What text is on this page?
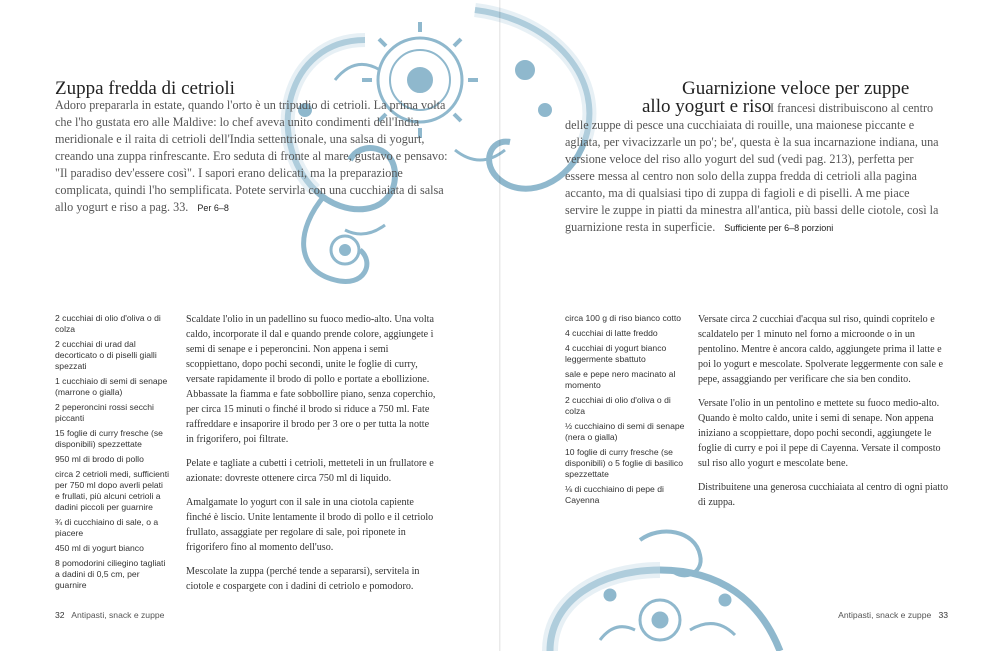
Zuppa fredda di cetrioli

Adoro prepararla in estate, quando l'orto è un tripudio di cetrioli. La prima volta che l'ho gustata ero alle Maldive: lo chef aveva unito condimenti dell'India meridionale e il raita di cetrioli dell'India settentrionale, una salsa di yogurt, creando una zuppa rinfrescante. Ero seduta di fronte al mare, gustavo e pensavo: "Il paradiso dev'essere così". I sapori erano delicati, ma la preparazione complicata, quindi l'ho semplificata. Potete servirla con una cucchiaiata di salsa allo yogurt e riso a pag. 33. Per 6–8

2 cucchiai di olio d'oliva o di colza
2 cucchiai di urad dal decorticato o di piselli gialli spezzati
1 cucchiaio di semi di senape (marrone o gialla)
2 peperoncini rossi secchi piccanti
15 foglie di curry fresche (se disponibili) spezzettate
950 ml di brodo di pollo
circa 2 cetrioli medi, sufficienti per 750 ml dopo averli pelati e frullati, più alcuni cetrioli a dadini piccoli per guarnire
¾ di cucchiaino di sale, o a piacere
450 ml di yogurt bianco
8 pomodorini ciliegino tagliati a dadini di 0,5 cm, per guarnire

Scaldate l'olio in un padellino su fuoco medio-alto. Una volta caldo, incorporate il dal e quando prende colore, aggiungete i semi di senape e i peperoncini. Non appena i semi scoppiettano, dopo pochi secondi, unite le foglie di curry, versate rapidamente il brodo di pollo e portate a ebollizione. Abbassate la fiamma e fate sobbollire piano, senza coperchio, per circa 15 minuti o finché il brodo si riduce a 750 ml. Fate raffreddare e insaporire il brodo per 3 ore o per tutta la notte in frigorifero, poi filtrate.

Pelate e tagliate a cubetti i cetrioli, metteteli in un frullatore e azionate: dovreste ottenere circa 750 ml di liquido.

Amalgamate lo yogurt con il sale in una ciotola capiente finché è liscio. Unite lentamente il brodo di pollo e il cetriolo frullato, assaggiate per regolare di sale, poi riponete in frigorifero fino al momento dell'uso.

Mescolate la zuppa (perché tende a separarsi), servitela in ciotole e cospargete con i dadini di cetriolo e pomodoro.

32 Antipasti, snack e zuppe
Guarnizione veloce per zuppe
allo yogurt e riso

I francesi distribuiscono al centro delle zuppe di pesce una cucchiaiata di rouille, una maionese piccante e agliata, per vivacizzarle un po'; be', questa è la sua incarnazione indiana, una versione veloce del riso allo yogurt del sud (vedi pag. 213), perfetta per essere messa al centro non solo della zuppa fredda di cetrioli alla pagina accanto, ma di qualsiasi tipo di zuppa di fagioli e di piselli. A me piace servire le zuppe in piatti da minestra all'antica, più bassi delle ciotole, così la guarnizione resta in superficie. Sufficiente per 6–8 porzioni

circa 100 g di riso bianco cotto
4 cucchiai di latte freddo
4 cucchiai di yogurt bianco leggermente sbattuto
sale e pepe nero macinato al momento
2 cucchiai di olio d'oliva o di colza
½ cucchiaino di semi di senape (nera o gialla)
10 foglie di curry fresche (se disponibili) o 5 foglie di basilico spezzettate
⅛ di cucchiaino di pepe di Cayenna

Versate circa 2 cucchiai d'acqua sul riso, quindi copritelo e scaldatelo per 1 minuto nel forno a microonde o in un pentolino. Mentre è ancora caldo, aggiungete prima il latte e poi lo yogurt e mescolate. Spolverate leggermente con sale e pepe, assaggiando per verificare che sia ben condito.

Versate l'olio in un pentolino e mettete su fuoco medio-alto. Quando è molto caldo, unite i semi di senape. Non appena iniziano a scoppiettare, dopo pochi secondi, aggiungete le foglie di curry e poi il pepe di Cayenna. Versate il composto sul riso allo yogurt e mescolate bene.

Distribuitene una generosa cucchiaiata al centro di ogni piatto di zuppa.

Antipasti, snack e zuppe 33
